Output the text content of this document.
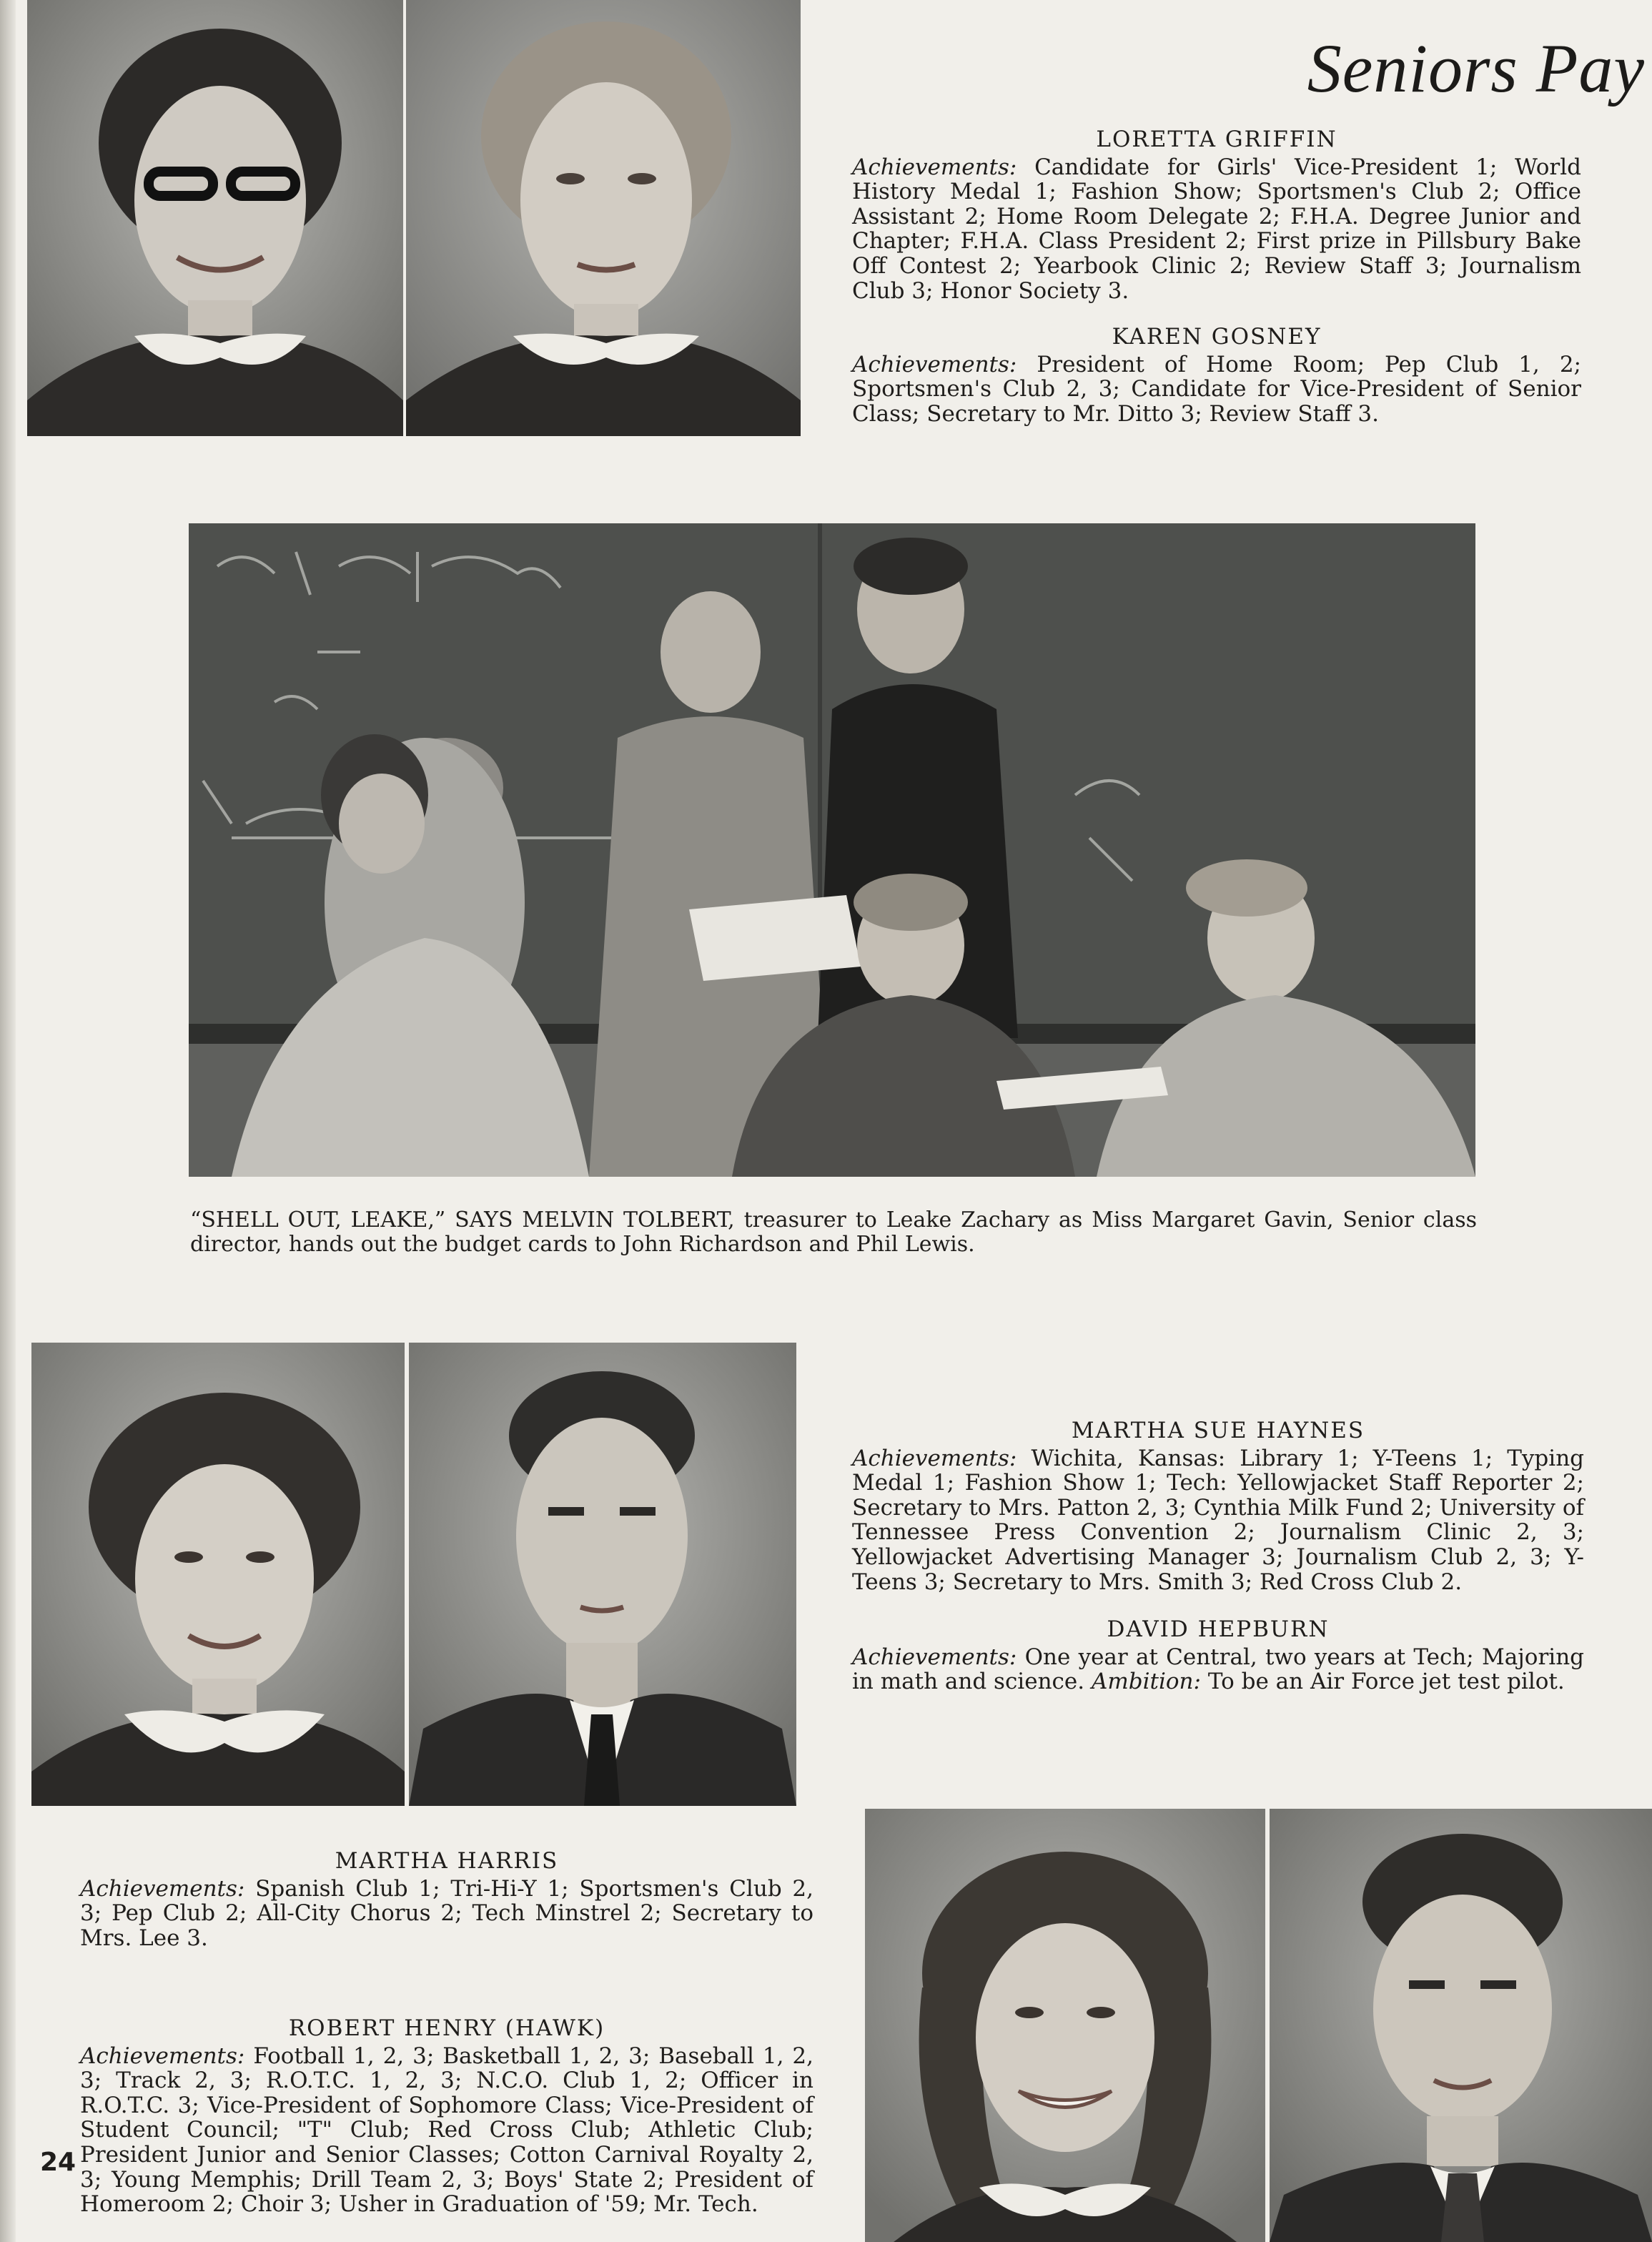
Seniors Pay
LORETTA GRIFFIN

Achievements: Candidate for Girls' Vice-President 1; World History Medal 1; Fashion Show; Sportsmen's Club 2; Office Assistant 2; Home Room Delegate 2; F.H.A. Degree Junior and Chapter; F.H.A. Class President 2; First prize in Pillsbury Bake Off Contest 2; Yearbook Clinic 2; Review Staff 3; Journalism Club 3; Honor Society 3.

KAREN GOSNEY

Achievements: President of Home Room; Pep Club 1, 2; Sportsmen's Club 2, 3; Candidate for Vice-President of Senior Class; Secretary to Mr. Ditto 3; Review Staff 3.

“SHELL OUT, LEAKE,” SAYS MELVIN TOLBERT, treasurer to Leake Zachary as Miss Margaret Gavin, Senior class director, hands out the budget cards to John Richardson and Phil Lewis.
MARTHA SUE HAYNES

Achievements: Wichita, Kansas: Library 1; Y-Teens 1; Typing Medal 1; Fashion Show 1; Tech: Yellowjacket Staff Reporter 2; Secretary to Mrs. Patton 2, 3; Cynthia Milk Fund 2; University of Tennessee Press Convention 2; Journalism Clinic 2, 3; Yellowjacket Advertising Manager 3; Journalism Club 2, 3; Y-Teens 3; Secretary to Mrs. Smith 3; Red Cross Club 2.

DAVID HEPBURN

Achievements: One year at Central, two years at Tech; Majoring in math and science. Ambition: To be an Air Force jet test pilot.

MARTHA HARRIS

Achievements: Spanish Club 1; Tri-Hi-Y 1; Sportsmen's Club 2, 3; Pep Club 2; All-City Chorus 2; Tech Minstrel 2; Secretary to Mrs. Lee 3.

ROBERT HENRY (HAWK)

Achievements: Football 1, 2, 3; Basketball 1, 2, 3; Baseball 1, 2, 3; Track 2, 3; R.O.T.C. 1, 2, 3; N.C.O. Club 1, 2; Officer in R.O.T.C. 3; Vice-President of Sophomore Class; Vice-President of Student Council; "T" Club; Red Cross Club; Athletic Club; President Junior and Senior Classes; Cotton Carnival Royalty 2, 3; Young Memphis; Drill Team 2, 3; Boys' State 2; President of Homeroom 2; Choir 3; Usher in Graduation of '59; Mr. Tech.

24
